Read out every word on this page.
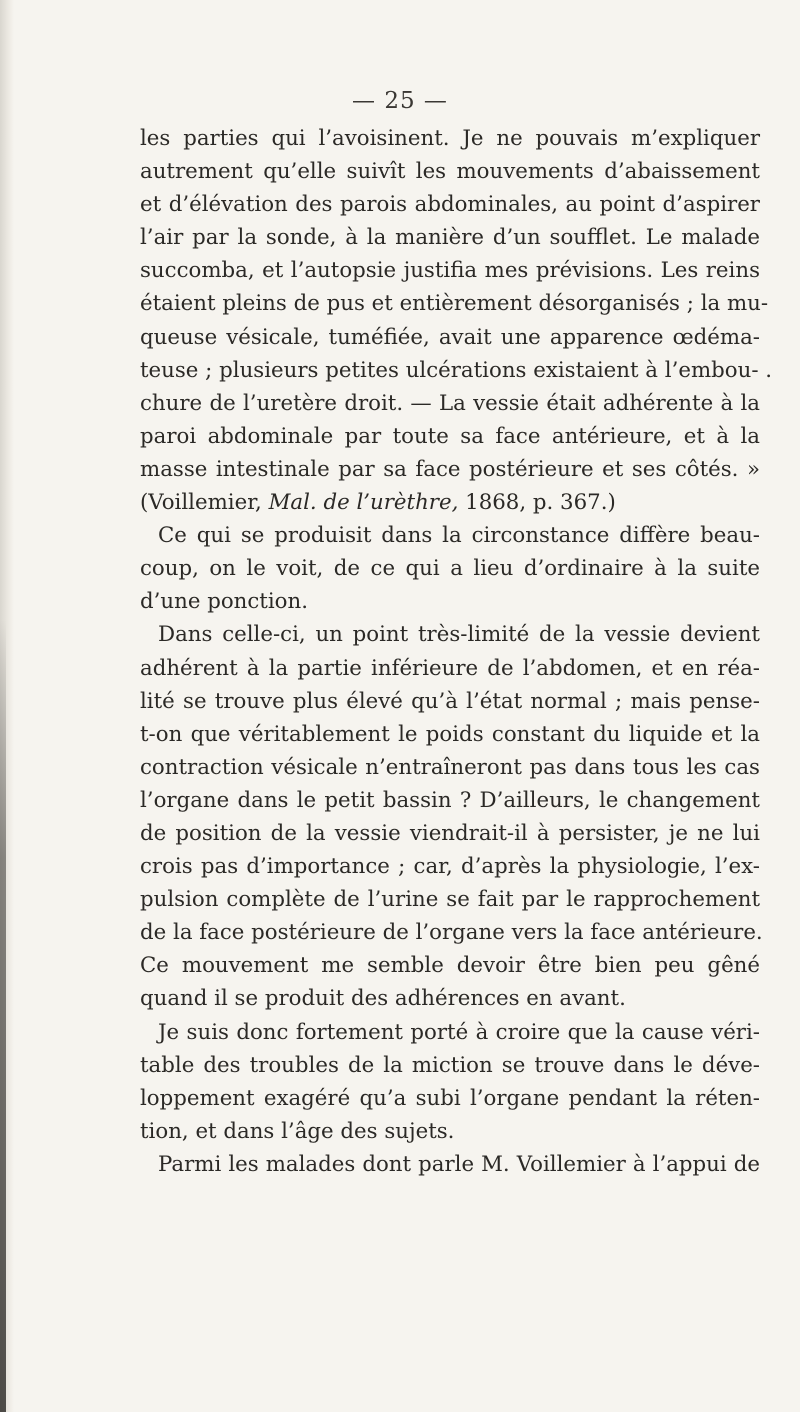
— 25 —
les parties qui l’avoisinent. Je ne pouvais m’expliquer
autrement qu’elle suivît les mouvements d’abaissement
et d’élévation des parois abdominales, au point d’aspirer
l’air par la sonde, à la manière d’un soufflet. Le malade
succomba, et l’autopsie justifia mes prévisions. Les reins
étaient pleins de pus et entièrement désorganisés ; la mu-
queuse vésicale, tuméfiée, avait une apparence œdéma-
teuse ; plusieurs petites ulcérations existaient à l’embou- .
chure de l’uretère droit. — La vessie était adhérente à la
paroi abdominale par toute sa face antérieure, et à la
masse intestinale par sa face postérieure et ses côtés. »
(Voillemier, Mal. de l’urèthre, 1868, p. 367.)
Ce qui se produisit dans la circonstance diffère beau-
coup, on le voit, de ce qui a lieu d’ordinaire à la suite
d’une ponction.
Dans celle-ci, un point très-limité de la vessie devient
adhérent à la partie inférieure de l’abdomen, et en réa-
lité se trouve plus élevé qu’à l’état normal ; mais pense-
t-on que véritablement le poids constant du liquide et la
contraction vésicale n’entraîneront pas dans tous les cas
l’organe dans le petit bassin ? D’ailleurs, le changement
de position de la vessie viendrait-il à persister, je ne lui
crois pas d’importance ; car, d’après la physiologie, l’ex-
pulsion complète de l’urine se fait par le rapprochement
de la face postérieure de l’organe vers la face antérieure.
Ce mouvement me semble devoir être bien peu gêné
quand il se produit des adhérences en avant.
Je suis donc fortement porté à croire que la cause véri-
table des troubles de la miction se trouve dans le déve-
loppement exagéré qu’a subi l’organe pendant la réten-
tion, et dans l’âge des sujets.
Parmi les malades dont parle M. Voillemier à l’appui de
